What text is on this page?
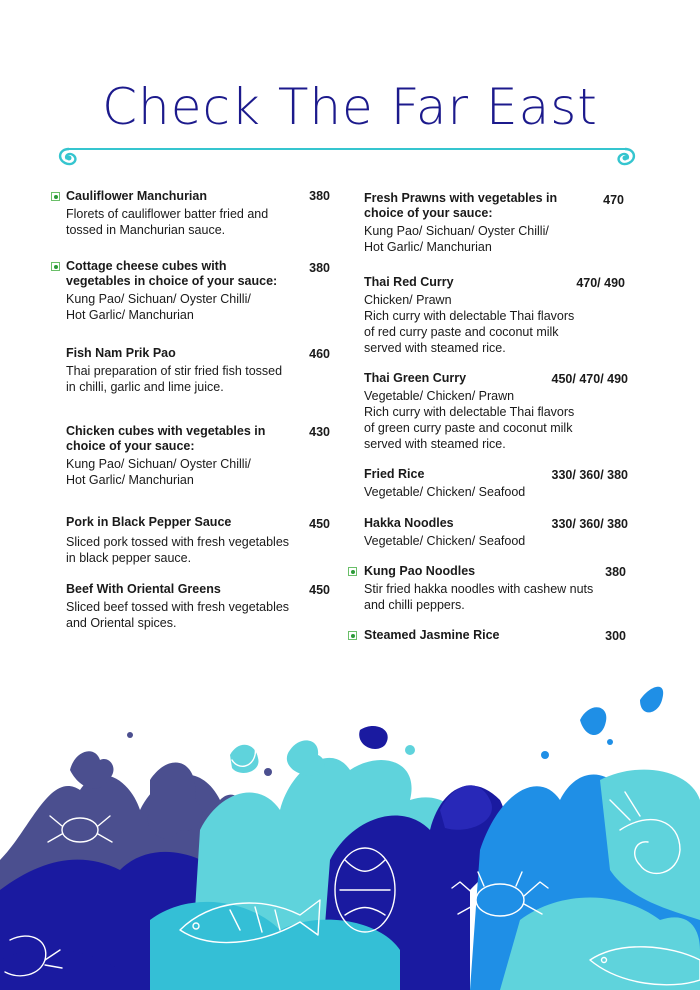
Check The Far East
Cauliflower Manchurian
Florets of cauliflower batter fried and
tossed in Manchurian sauce.
380
Cottage cheese cubes with vegetables in choice of your sauce:
Kung Pao/ Sichuan/ Oyster Chilli/
Hot Garlic/ Manchurian
380
Fish Nam Prik Pao
Thai preparation of stir fried fish tossed
in chilli, garlic and lime juice.
460
Chicken cubes with vegetables in choice of your sauce:
Kung Pao/ Sichuan/ Oyster Chilli/
Hot Garlic/ Manchurian
430
Pork in Black Pepper Sauce
Sliced pork tossed with fresh vegetables
in black pepper sauce.
450
Beef With Oriental Greens
Sliced beef tossed with fresh vegetables
and Oriental spices.
450
Fresh Prawns with vegetables in choice of your sauce:
Kung Pao/ Sichuan/ Oyster Chilli/
Hot Garlic/ Manchurian
470
Thai Red Curry
Chicken/ Prawn
Rich curry with delectable Thai flavors
of red curry paste and coconut milk
served with steamed rice.
470/ 490
Thai Green Curry
Vegetable/ Chicken/ Prawn
Rich curry with delectable Thai flavors
of green curry paste and coconut milk
served with steamed rice.
450/ 470/ 490
Fried Rice
Vegetable/ Chicken/ Seafood
330/ 360/ 380
Hakka Noodles
Vegetable/ Chicken/ Seafood
330/ 360/ 380
Kung Pao Noodles
Stir fried hakka noodles with cashew nuts
and chilli peppers.
380
Steamed Jasmine Rice	300
